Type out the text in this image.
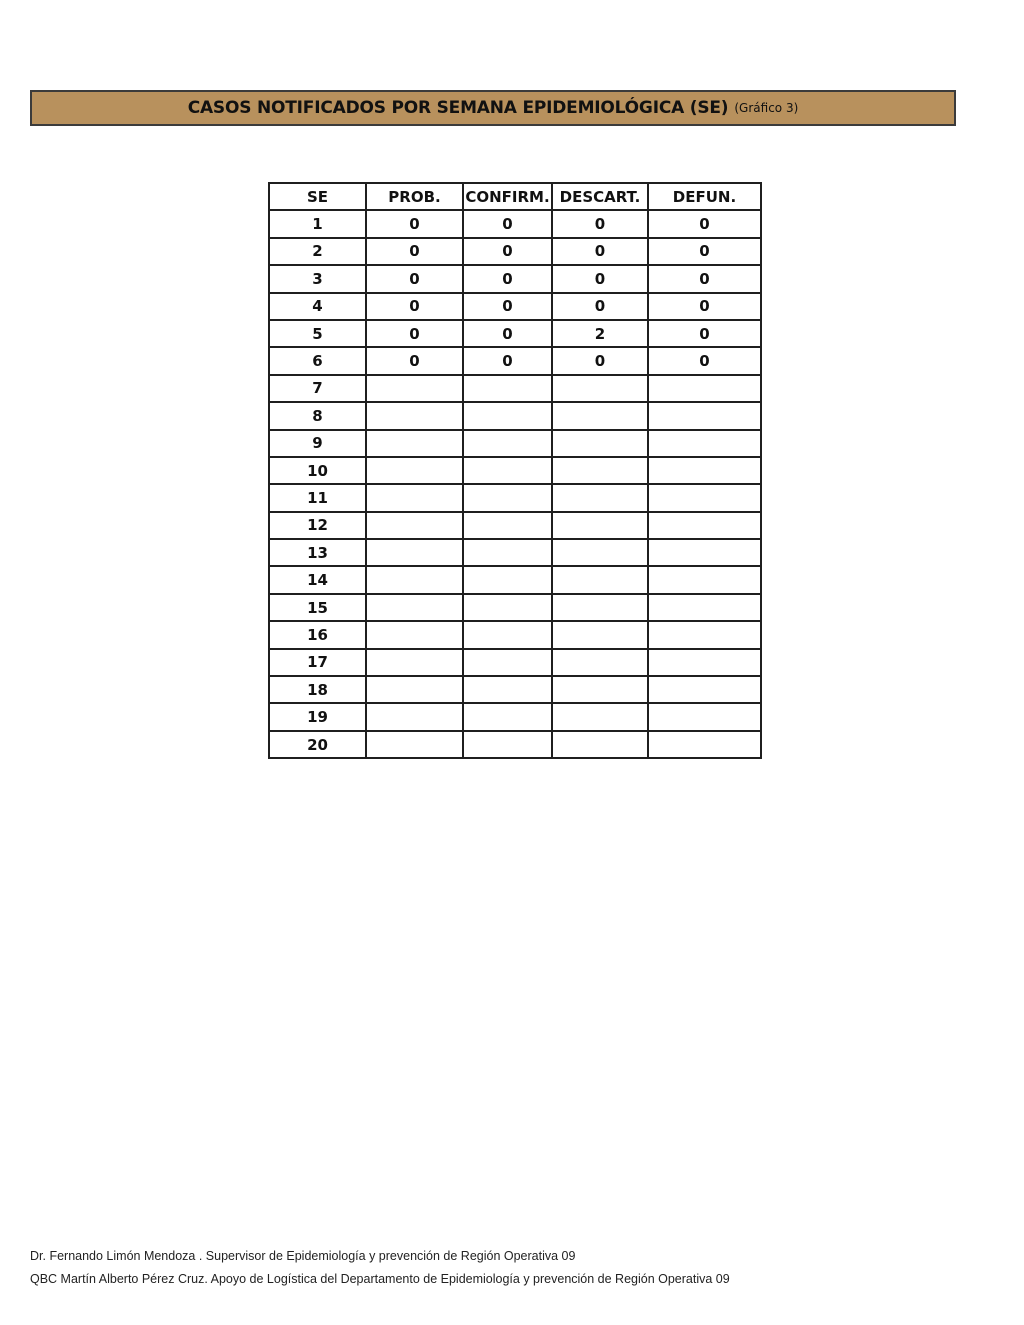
CASOS NOTIFICADOS POR SEMANA EPIDEMIOLÓGICA (SE) (Gráfico 3)
SE	PROB.	CONFIRM.	DESCART.	DEFUN.
1	0	0	0	0
2	0	0	0	0
3	0	0	0	0
4	0	0	0	0
5	0	0	2	0
6	0	0	0	0
7				
8				
9				
10				
11				
12				
13				
14				
15				
16				
17				
18				
19				
20				
Dr. Fernando Limón Mendoza . Supervisor de Epidemiología y prevención de Región Operativa 09
QBC Martín Alberto Pérez Cruz. Apoyo de Logística del Departamento de Epidemiología y prevención de Región Operativa 09
